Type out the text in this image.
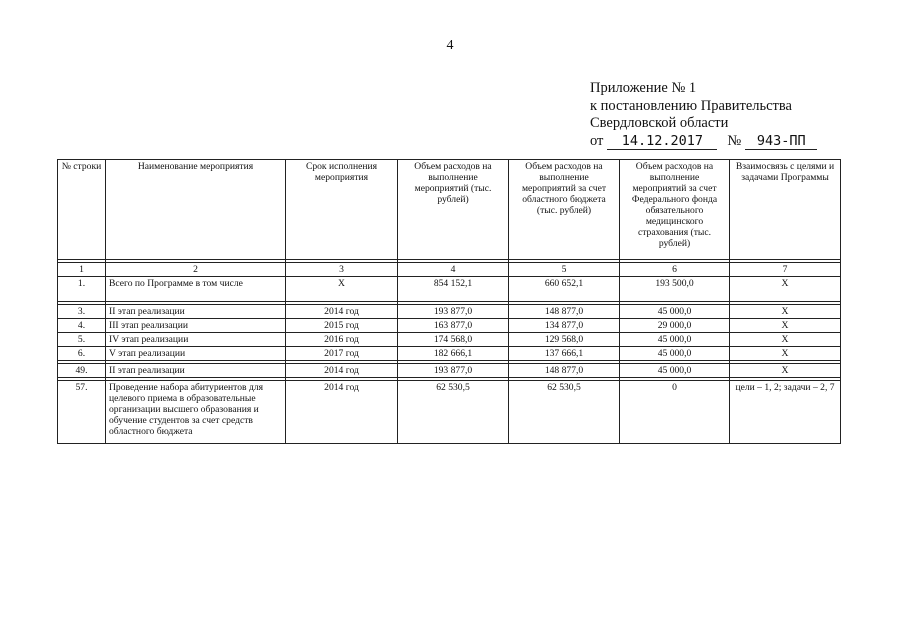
4
Приложение № 1
к постановлению Правительства
Свердловской области
от 14.12.2017 № 943-ПП
№ строки	Наименование мероприятия	Срок исполнения мероприятия	Объем расходов на выполнение мероприятий (тыс. рублей)	Объем расходов на выполнение мероприятий за счет областного бюджета (тыс. рублей)	Объем расходов на выполнение мероприятий за счет Федерального фонда обязательного медицинского страхования (тыс. рублей)	Взаимосвязь с целями и задачами Программы

1	2	3	4	5	6	7
1.	Всего по Программе в том числе	Х	854 152,1	660 652,1	193 500,0	Х

3.	II этап реализации	2014 год	193 877,0	148 877,0	45 000,0	Х
4.	III этап реализации	2015 год	163 877,0	134 877,0	29 000,0	Х
5.	IV этап реализации	2016 год	174 568,0	129 568,0	45 000,0	Х
6.	V этап реализации	2017 год	182 666,1	137 666,1	45 000,0	Х

49.	II этап реализации	2014 год	193 877,0	148 877,0	45 000,0	Х

57.	Проведение набора абитуриентов для целевого приема в образовательные организации высшего образования и обучение студентов за счет средств областного бюджета	2014 год	62 530,5	62 530,5	0	цели – 1, 2; задачи – 2, 7
